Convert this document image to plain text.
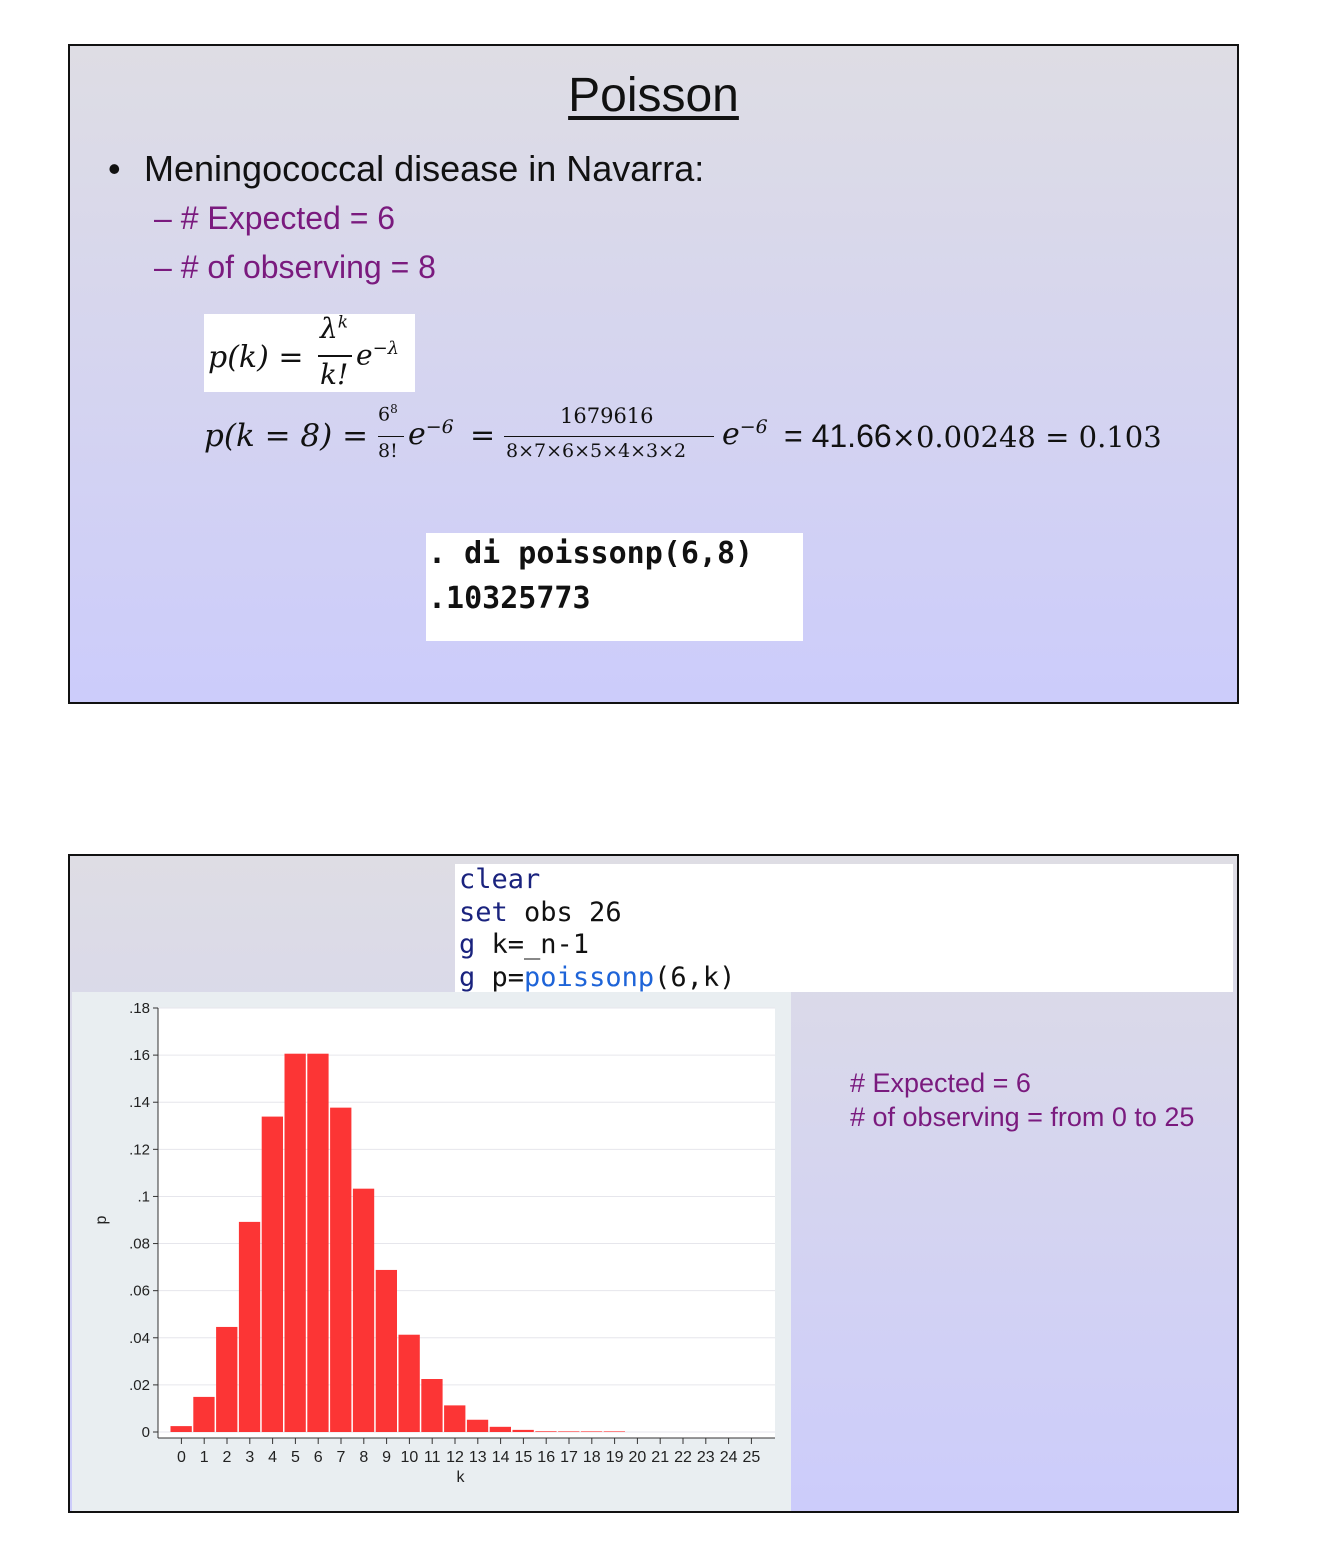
Poisson
• Meningococcal disease in Navarra:
– # Expected = 6
– # of observing = 8
p(k) =
$\lambda^k$
k!
$e^{-\lambda}$
p(k = 8) =
$6^8$
8! $e^{-6}$ =
1679616
8×7×6×5×4×3×2 $e^{-6} = 41.66\times 0.00248 = 0.103$
. di poissonp(6,8)
.10325773
clear
set obs 26
g k=_n-1
g p=poissonp(6,k)
0
.02
.04
.06
.08
.1
.12
.14
.16
.18
0 1 2 3 4 5 6 7 8 9 10 11 12 13 14 15 16 17 18 19 20 21 22 23 24 25
k
p
# Expected = 6
# of observing = from 0 to 25
